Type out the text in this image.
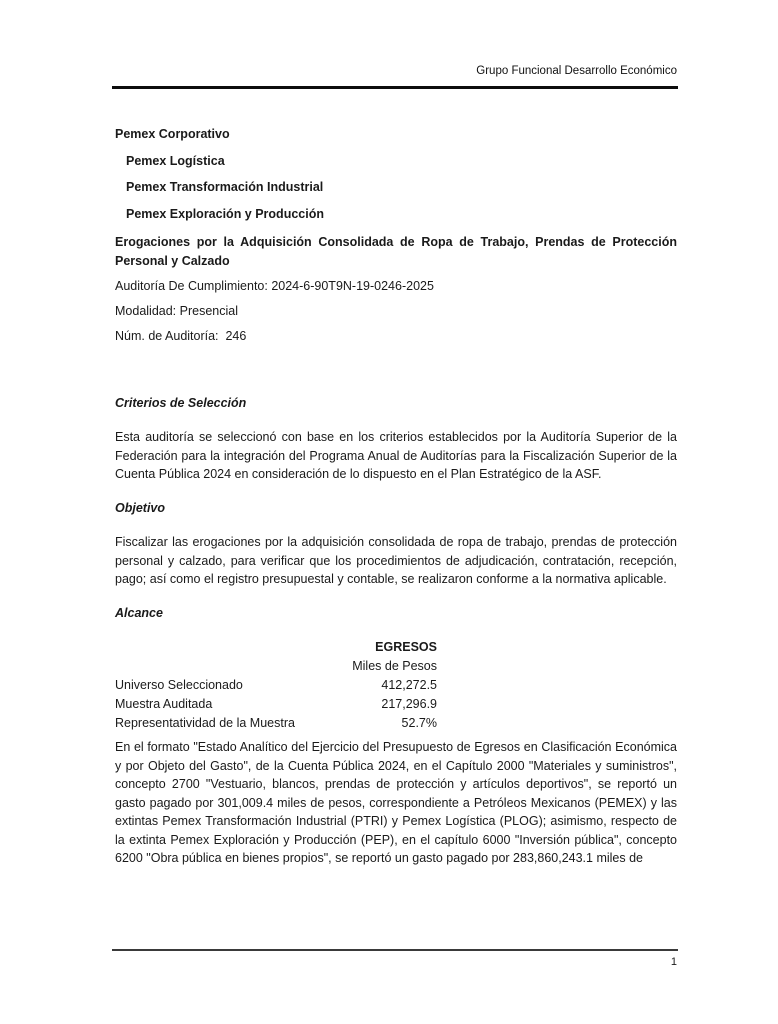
Grupo Funcional Desarrollo Económico
Pemex Corporativo
Pemex Logística
Pemex Transformación Industrial
Pemex Exploración y Producción
Erogaciones por la Adquisición Consolidada de Ropa de Trabajo, Prendas de Protección Personal y Calzado
Auditoría De Cumplimiento: 2024-6-90T9N-19-0246-2025
Modalidad: Presencial
Núm. de Auditoría:  246
Criterios de Selección
Esta auditoría se seleccionó con base en los criterios establecidos por la Auditoría Superior de la Federación para la integración del Programa Anual de Auditorías para la Fiscalización Superior de la Cuenta Pública 2024 en consideración de lo dispuesto en el Plan Estratégico de la ASF.
Objetivo
Fiscalizar las erogaciones por la adquisición consolidada de ropa de trabajo, prendas de protección personal y calzado, para verificar que los procedimientos de adjudicación, contratación, recepción, pago; así como el registro presupuestal y contable, se realizaron conforme a la normativa aplicable.
Alcance
EGRESOS
Miles de Pesos
Universo Seleccionado	412,272.5
Muestra Auditada	217,296.9
Representatividad de la Muestra	52.7%
En el formato "Estado Analítico del Ejercicio del Presupuesto de Egresos en Clasificación Económica y por Objeto del Gasto", de la Cuenta Pública 2024, en el Capítulo 2000 "Materiales y suministros", concepto 2700 "Vestuario, blancos, prendas de protección y artículos deportivos", se reportó un gasto pagado por 301,009.4 miles de pesos, correspondiente a Petróleos Mexicanos (PEMEX) y las extintas Pemex Transformación Industrial (PTRI) y Pemex Logística (PLOG); asimismo, respecto de la extinta Pemex Exploración y Producción (PEP), en el capítulo 6000 "Inversión pública", concepto 6200 "Obra pública en bienes propios", se reportó un gasto pagado por 283,860,243.1 miles de
1
